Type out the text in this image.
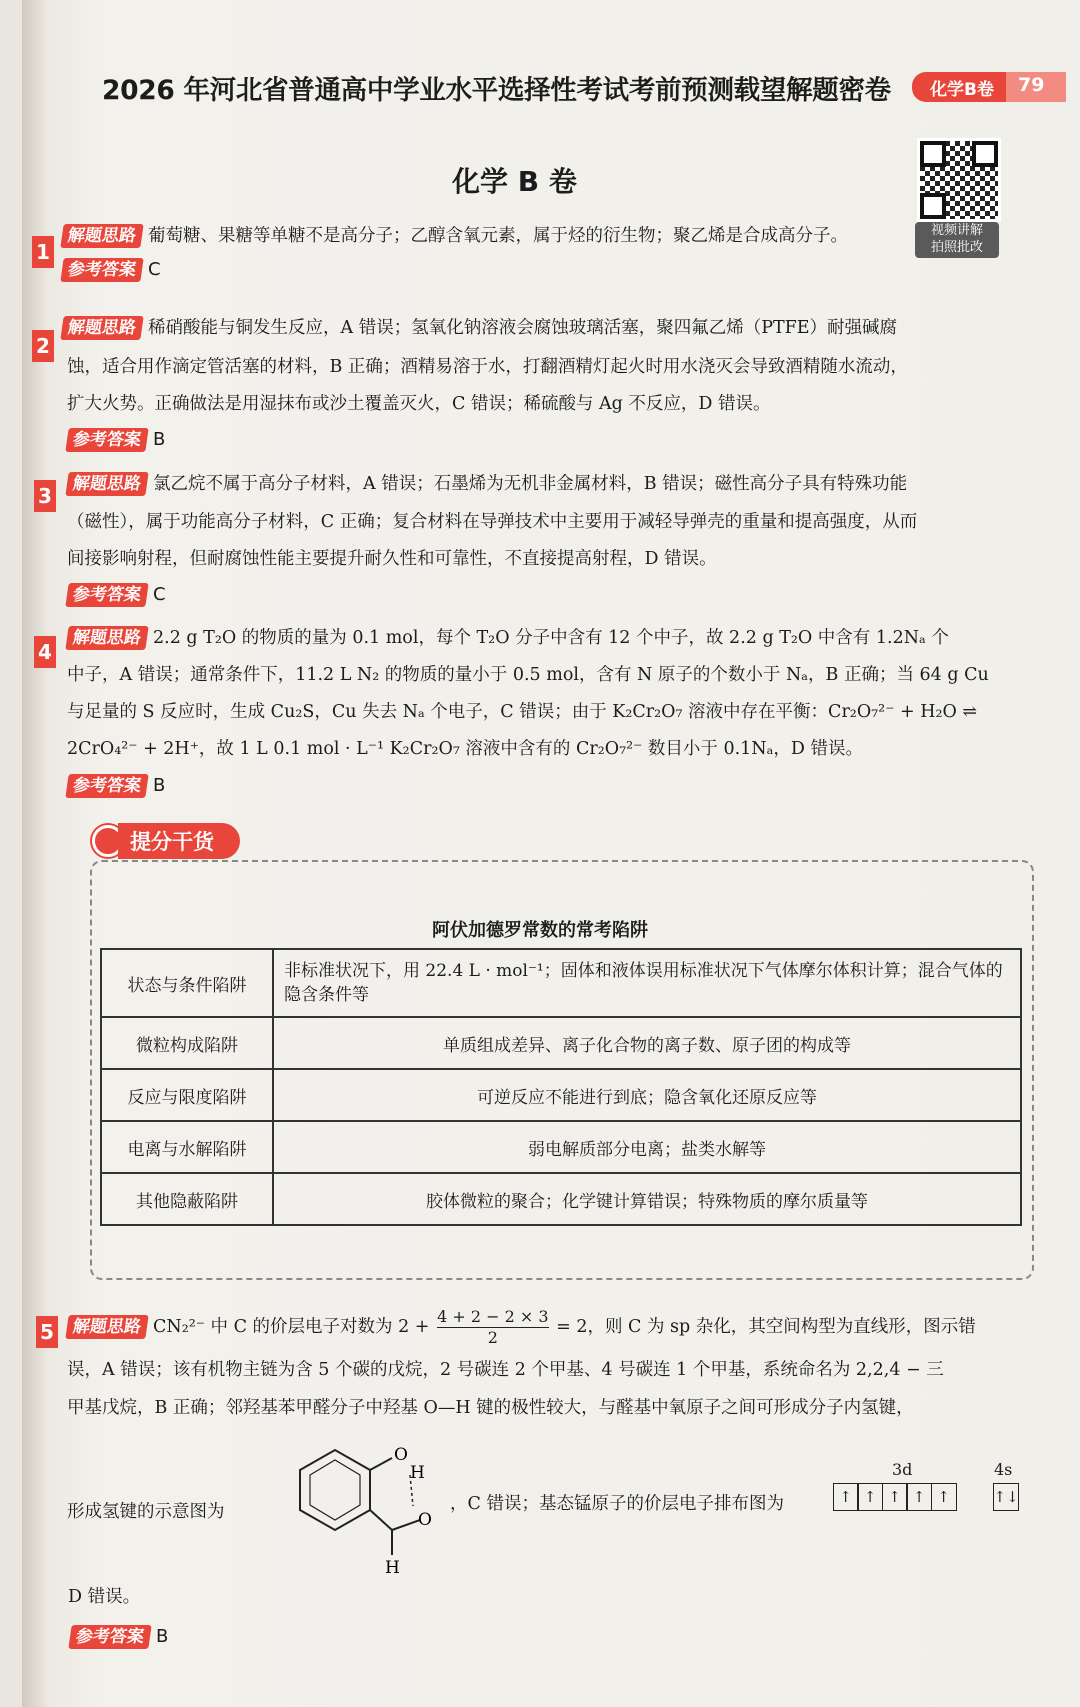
化学B卷	79
2026 年河北省普通高中学业水平选择性考试考前预测载望解题密卷
化学 B 卷
视频讲解
拍照批改
1
解题思路 葡萄糖、果糖等单糖不是高分子；乙醇含氧元素，属于烃的衍生物；聚乙烯是合成高分子。
参考答案 C
2
解题思路 稀硝酸能与铜发生反应，A 错误；氢氧化钠溶液会腐蚀玻璃活塞，聚四氟乙烯（PTFE）耐强碱腐
蚀，适合用作滴定管活塞的材料，B 正确；酒精易溶于水，打翻酒精灯起火时用水浇灭会导致酒精随水流动，
扩大火势。正确做法是用湿抹布或沙土覆盖灭火，C 错误；稀硫酸与 Ag 不反应，D 错误。
参考答案 B
3 解题思路 氯乙烷不属于高分子材料，A 错误；石墨烯为无机非金属材料，B 错误；磁性高分子具有特殊功能
（磁性），属于功能高分子材料，C 正确；复合材料在导弹技术中主要用于减轻导弹壳的重量和提高强度，从而
间接影响射程，但耐腐蚀性能主要提升耐久性和可靠性，不直接提高射程，D 错误。
参考答案 C
4
解题思路 2.2 g T₂O 的物质的量为 0.1 mol，每个 T₂O 分子中含有 12 个中子，故 2.2 g T₂O 中含有 1.2Nₐ 个
中子，A 错误；通常条件下，11.2 L N₂ 的物质的量小于 0.5 mol，含有 N 原子的个数小于 Nₐ，B 正确；当 64 g Cu
与足量的 S 反应时，生成 Cu₂S，Cu 失去 Nₐ 个电子，C 错误；由于 K₂Cr₂O₇ 溶液中存在平衡：Cr₂O₇²⁻ + H₂O ⇌
2CrO₄²⁻ + 2H⁺，故 1 L 0.1 mol · L⁻¹ K₂Cr₂O₇ 溶液中含有的 Cr₂O₇²⁻ 数目小于 0.1Nₐ，D 错误。
参考答案 B
提分干货
阿伏加德罗常数的常考陷阱
状态与条件陷阱	非标准状况下，用 22.4 L · mol⁻¹；固体和液体误用标准状况下气体摩尔体积计算；混合气体的隐含条件等
微粒构成陷阱	单质组成差异、离子化合物的离子数、原子团的构成等
反应与限度陷阱	可逆反应不能进行到底；隐含氧化还原反应等
电离与水解陷阱	弱电解质部分电离；盐类水解等
其他隐蔽陷阱	胶体微粒的聚合；化学键计算错误；特殊物质的摩尔质量等
5 解题思路 CN₂²⁻ 中 C 的价层电子对数为 $2 + \frac{4 + 2 - 2 \times 3}{2} = 2$，则 C 为 sp 杂化，其空间构型为直线形，图示错
误，A 错误；该有机物主链为含 5 个碳的戊烷，2 号碳连 2 个甲基、4 号碳连 1 个甲基，系统命名为 2,2,4 − 三
甲基戊烷，B 正确；邻羟基苯甲醛分子中羟基 O—H 键的极性较大，与醛基中氧原子之间可形成分子内氢键，
形成氢键的示意图为
O
H
O
H
，C 错误；基态锰原子的价层电子排布图为
3d	4s
↑ ↑ ↑ ↑ ↑	↑↓
D 错误。
参考答案 B
